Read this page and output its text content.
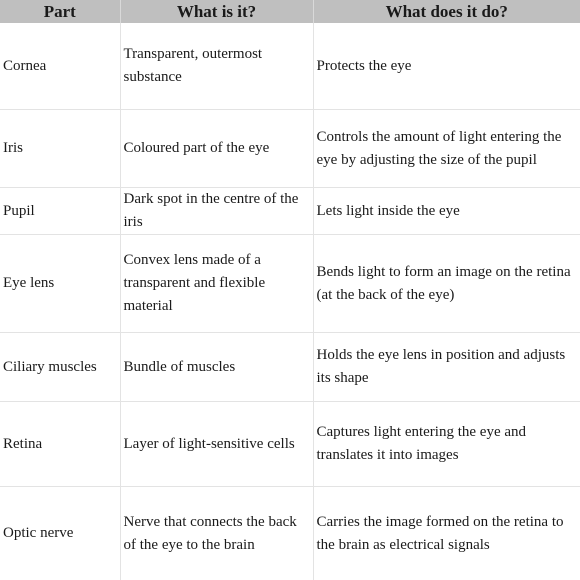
Part	What is it?	What does it do?
Cornea	Transparent, outermost substance	Protects the eye
Iris	Coloured part of the eye	Controls the amount of light entering the eye by adjusting the size of the pupil
Pupil	Dark spot in the centre of the iris	Lets light inside the eye
Eye lens	Convex lens made of a transparent and flexible material	Bends light to form an image on the retina (at the back of the eye)
Ciliary muscles	Bundle of muscles	Holds the eye lens in position and adjusts its shape
Retina	Layer of light-sensitive cells	Captures light entering the eye and translates it into images
Optic nerve	Nerve that connects the back of the eye to the brain	Carries the image formed on the retina to the brain as electrical signals
